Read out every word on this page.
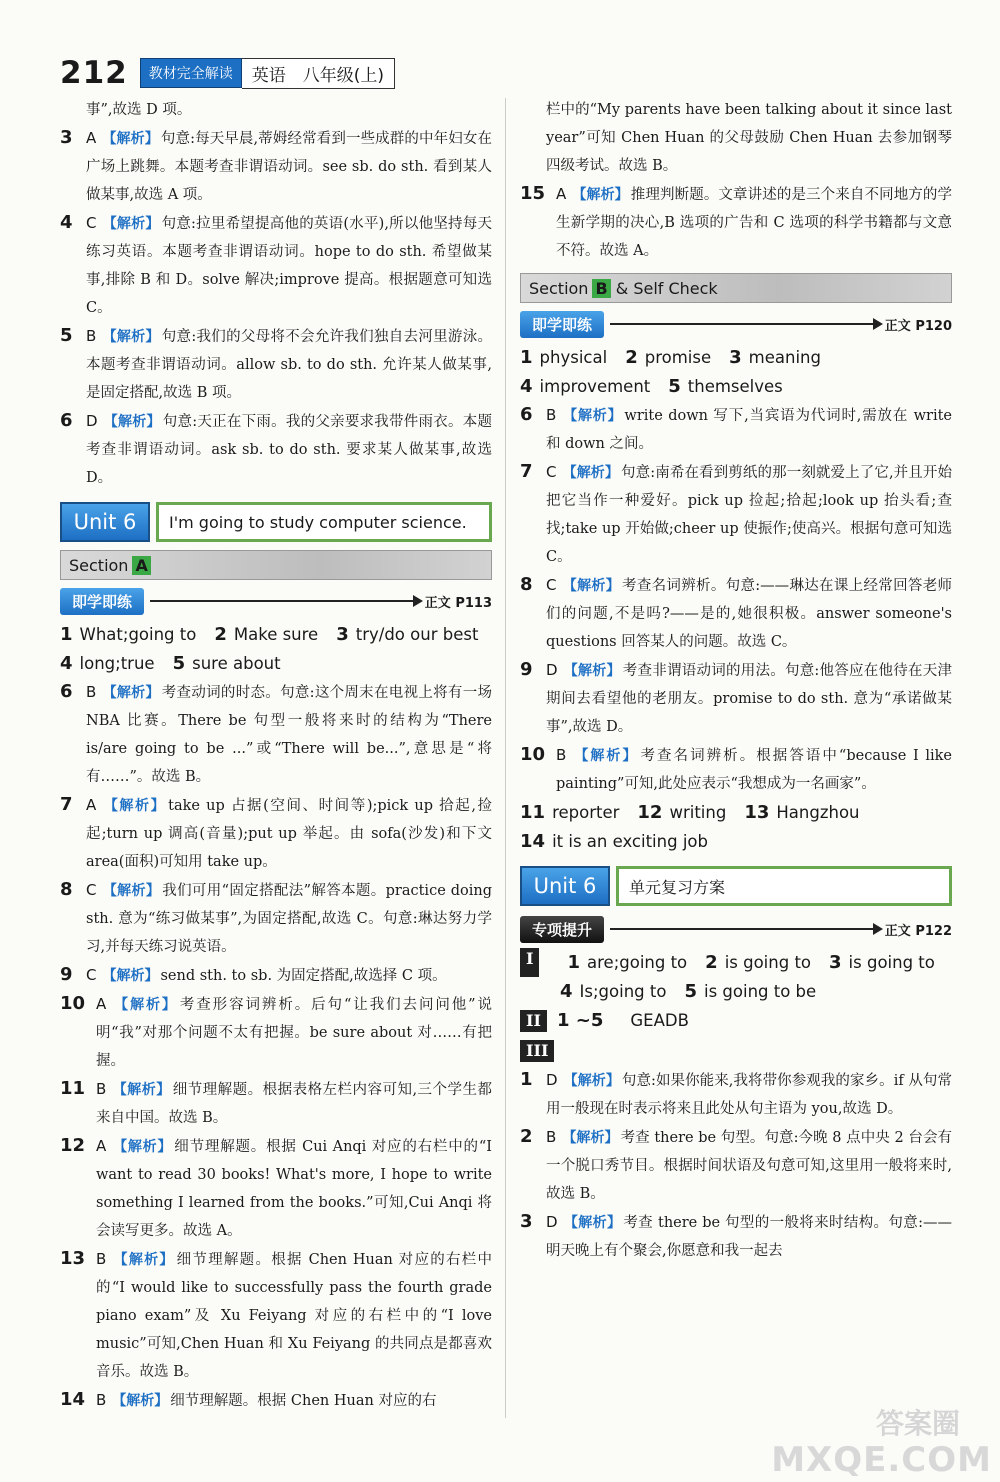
212	教材完全解读	英语　八年级(上)

事”,故选 D 项。

3 A 【解析】 句意:每天早晨,蒂姆经常看到一些成群的中年妇女在广场上跳舞。本题考查非谓语动词。see sb. do sth. 看到某人做某事,故选 A 项。

4 C 【解析】 句意:拉里希望提高他的英语(水平),所以他坚持每天练习英语。本题考查非谓语动词。hope to do sth. 希望做某事,排除 B 和 D。solve 解决;improve 提高。根据题意可知选 C。

5 B 【解析】 句意:我们的父母将不会允许我们独自去河里游泳。本题考查非谓语动词。allow sb. to do sth. 允许某人做某事,是固定搭配,故选 B 项。

6 D 【解析】 句意:天正在下雨。我的父亲要求我带件雨衣。本题考查非谓语动词。ask sb. to do sth. 要求某人做某事,故选 D。

Unit 6	I'm going to study computer science.
Section A
即学即练	正文 P113

1 What;going to 2 Make sure 3 try/do our best

4 long;true 5 sure about

6 B 【解析】 考查动词的时态。句意:这个周末在电视上将有一场 NBA 比赛。There be 句型一般将来时的结构为“There is/are going to be ...”或“There will be...”,意思是“将有……”。故选 B。

7 A 【解析】 take up 占据(空间、时间等);pick up 拾起,捡起;turn up 调高(音量);put up 举起。由 sofa(沙发)和下文 area(面积)可知用 take up。

8 C 【解析】 我们可用“固定搭配法”解答本题。practice doing sth. 意为“练习做某事”,为固定搭配,故选 C。句意:琳达努力学习,并每天练习说英语。

9 C 【解析】 send sth. to sb. 为固定搭配,故选择 C 项。

10 A 【解析】 考查形容词辨析。后句“让我们去问问他”说明“我”对那个问题不太有把握。be sure about 对……有把握。

11 B 【解析】 细节理解题。根据表格左栏内容可知,三个学生都来自中国。故选 B。

12 A 【解析】 细节理解题。根据 Cui Anqi 对应的右栏中的“I want to read 30 books! What's more, I hope to write something I learned from the books.”可知,Cui Anqi 将会读写更多。故选 A。

13 B 【解析】 细节理解题。根据 Chen Huan 对应的右栏中的“I would like to successfully pass the fourth grade piano exam”及 Xu Feiyang 对应的右栏中的“I love music”可知,Chen Huan 和 Xu Feiyang 的共同点是都喜欢音乐。故选 B。

14 B 【解析】 细节理解题。根据 Chen Huan 对应的右

栏中的“My parents have been talking about it since last year”可知 Chen Huan 的父母鼓励 Chen Huan 去参加钢琴四级考试。故选 B。

15 A 【解析】 推理判断题。文章讲述的是三个来自不同地方的学生新学期的决心,B 选项的广告和 C 选项的科学书籍都与文意不符。故选 A。

Section B
& Self Check
即学即练	正文 P120

1 physical 2 promise 3 meaning

4 improvement 5 themselves

6 B 【解析】 write down 写下,当宾语为代词时,需放在 write 和 down 之间。

7 C 【解析】 句意:南希在看到剪纸的那一刻就爱上了它,并且开始把它当作一种爱好。pick up 捡起;拾起;look up 抬头看;查找;take up 开始做;cheer up 使振作;使高兴。根据句意可知选 C。

8 C 【解析】 考查名词辨析。句意:——琳达在课上经常回答老师们的问题,不是吗?——是的,她很积极。answer someone's questions 回答某人的问题。故选 C。

9 D 【解析】 考查非谓语动词的用法。句意:他答应在他待在天津期间去看望他的老朋友。promise to do sth. 意为“承诺做某事”,故选 D。

10 B 【解析】 考查名词辨析。根据答语中“because I like painting”可知,此处应表示“我想成为一名画家”。

11 reporter 12 writing 13 Hangzhou

14 it is an exciting job

Unit 6	单元复习方案
专项提升	正文 P122

I	1 are;going to 2 is going to 3 is going to

4 Is;going to 5 is going to be

II 1 ~5 GEADB

III

1 D 【解析】 句意:如果你能来,我将带你参观我的家乡。if 从句常用一般现在时表示将来且此处从句主语为 you,故选 D。

2 B 【解析】 考查 there be 句型。句意:今晚 8 点中央 2 台会有一个脱口秀节目。根据时间状语及句意可知,这里用一般将来时,故选 B。

3 D 【解析】 考查 there be 句型的一般将来时结构。句意:——明天晚上有个聚会,你愿意和我一起去

答案圈
MXQE.COM
